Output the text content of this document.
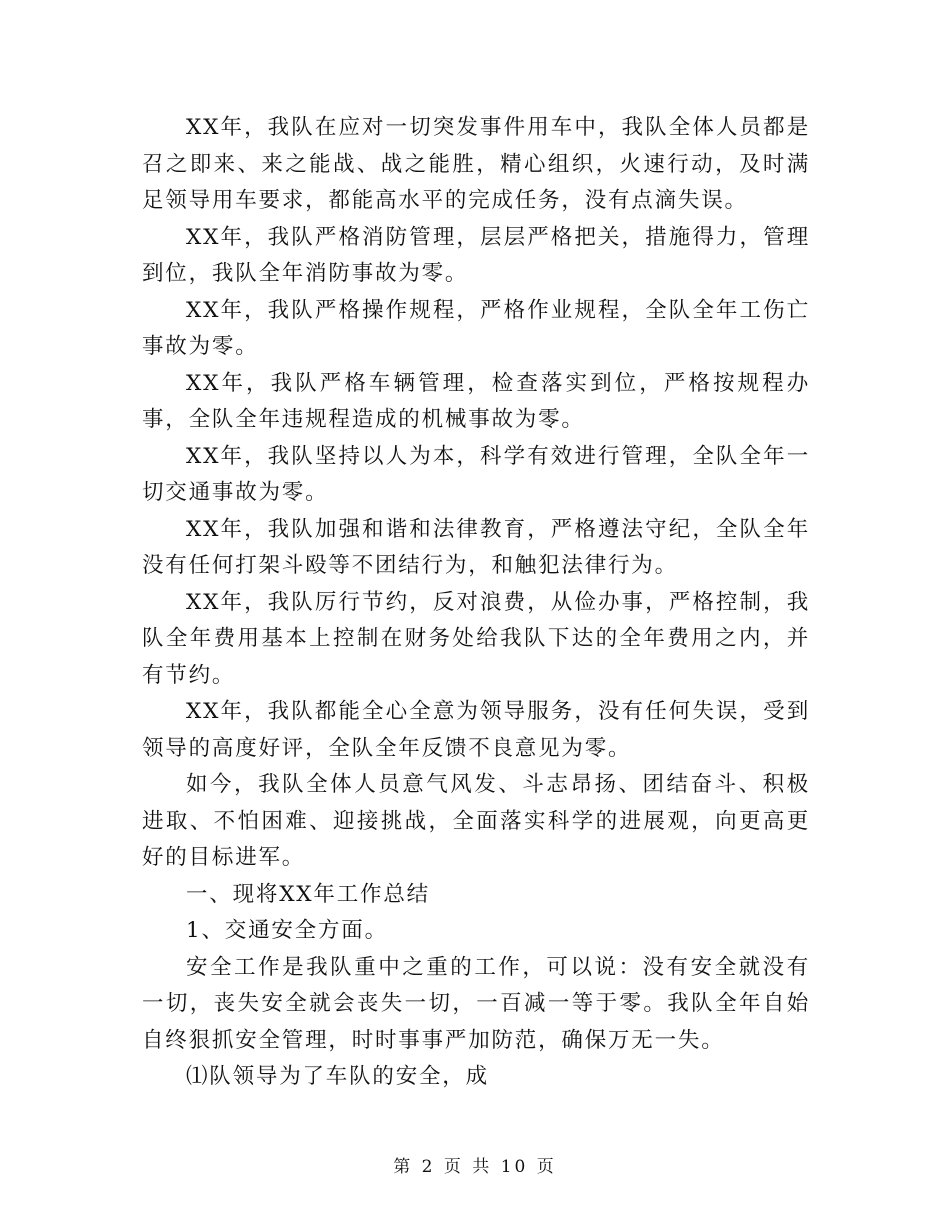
XX年，我队在应对一切突发事件用车中，我队全体人员都是召之即来、来之能战、战之能胜，精心组织，火速行动，及时满足领导用车要求，都能高水平的完成任务，没有点滴失误。

XX年，我队严格消防管理，层层严格把关，措施得力，管理到位，我队全年消防事故为零。

XX年，我队严格操作规程，严格作业规程，全队全年工伤亡事故为零。

XX年，我队严格车辆管理，检查落实到位，严格按规程办事，全队全年违规程造成的机械事故为零。

XX年，我队坚持以人为本，科学有效进行管理，全队全年一切交通事故为零。

XX年，我队加强和谐和法律教育，严格遵法守纪，全队全年没有任何打架斗殴等不团结行为，和触犯法律行为。

XX年，我队厉行节约，反对浪费，从俭办事，严格控制，我队全年费用基本上控制在财务处给我队下达的全年费用之内，并有节约。

XX年，我队都能全心全意为领导服务，没有任何失误，受到领导的高度好评，全队全年反馈不良意见为零。

如今，我队全体人员意气风发、斗志昂扬、团结奋斗、积极进取、不怕困难、迎接挑战，全面落实科学的进展观，向更高更好的目标进军。

一、现将XX年工作总结

1、交通安全方面。

安全工作是我队重中之重的工作，可以说：没有安全就没有一切，丧失安全就会丧失一切，一百减一等于零。我队全年自始自终狠抓安全管理，时时事事严加防范，确保万无一失。

⑴队领导为了车队的安全，成

第 2 页 共 10 页
